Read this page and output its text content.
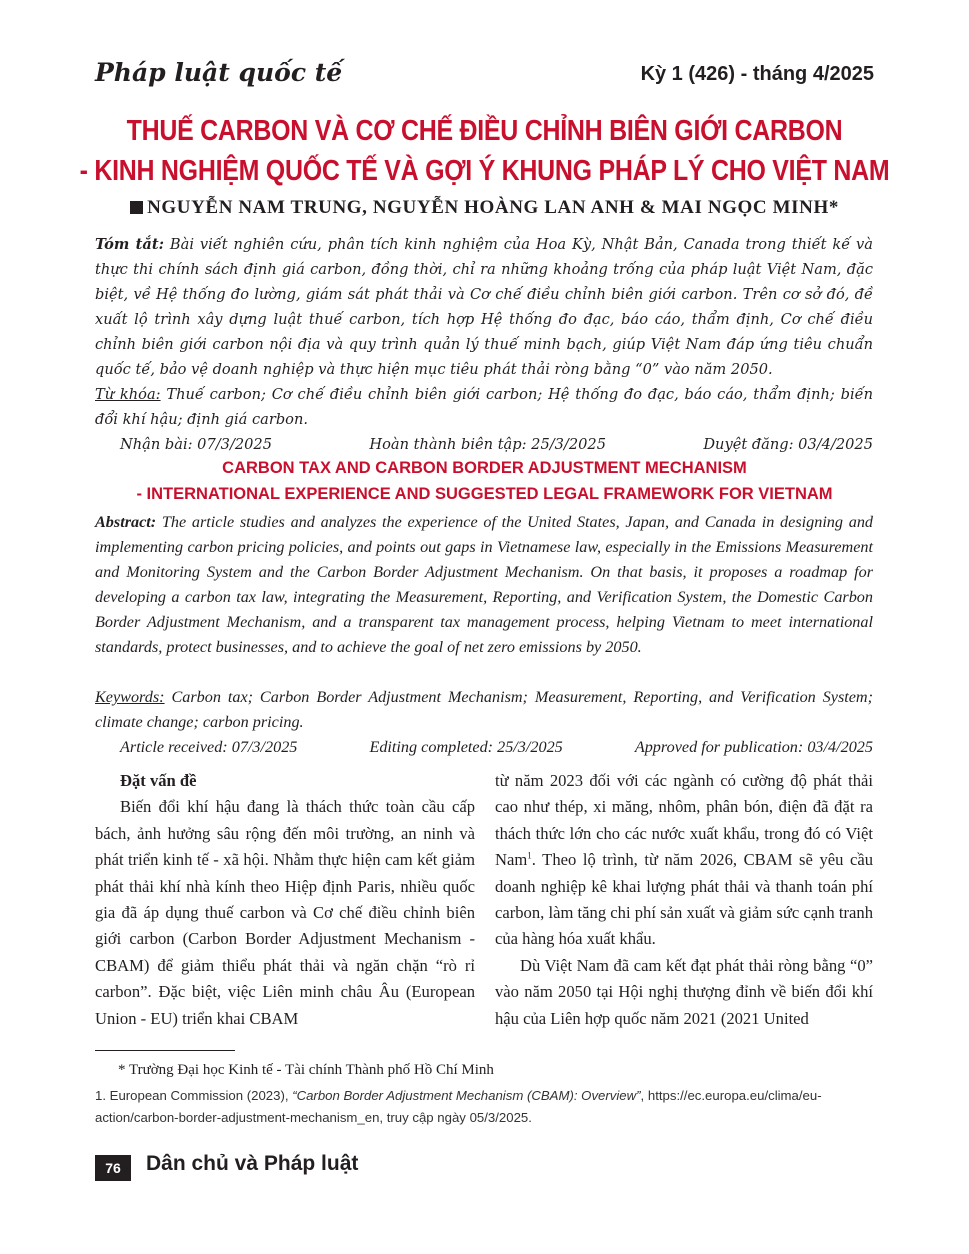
Pháp luật quốc tế	Kỳ 1 (426) - tháng 4/2025
THUẾ CARBON VÀ CƠ CHẾ ĐIỀU CHỈNH BIÊN GIỚI CARBON
- KINH NGHIỆM QUỐC TẾ VÀ GỢI Ý KHUNG PHÁP LÝ CHO VIỆT NAM
NGUYỄN NAM TRUNG, NGUYỄN HOÀNG LAN ANH & MAI NGỌC MINH*
Tóm tắt: Bài viết nghiên cứu, phân tích kinh nghiệm của Hoa Kỳ, Nhật Bản, Canada trong thiết kế và thực thi chính sách định giá carbon, đồng thời, chỉ ra những khoảng trống của pháp luật Việt Nam, đặc biệt, về Hệ thống đo lường, giám sát phát thải và Cơ chế điều chỉnh biên giới carbon. Trên cơ sở đó, đề xuất lộ trình xây dựng luật thuế carbon, tích hợp Hệ thống đo đạc, báo cáo, thẩm định, Cơ chế điều chỉnh biên giới carbon nội địa và quy trình quản lý thuế minh bạch, giúp Việt Nam đáp ứng tiêu chuẩn quốc tế, bảo vệ doanh nghiệp và thực hiện mục tiêu phát thải ròng bằng “0” vào năm 2050.
Từ khóa: Thuế carbon; Cơ chế điều chỉnh biên giới carbon; Hệ thống đo đạc, báo cáo, thẩm định; biến đổi khí hậu; định giá carbon.
Nhận bài: 07/3/2025	Hoàn thành biên tập: 25/3/2025	Duyệt đăng: 03/4/2025
CARBON TAX AND CARBON BORDER ADJUSTMENT MECHANISM
- INTERNATIONAL EXPERIENCE AND SUGGESTED LEGAL FRAMEWORK FOR VIETNAM
Abstract: The article studies and analyzes the experience of the United States, Japan, and Canada in designing and implementing carbon pricing policies, and points out gaps in Vietnamese law, especially in the Emissions Measurement and Monitoring System and the Carbon Border Adjustment Mechanism. On that basis, it proposes a roadmap for developing a carbon tax law, integrating the Measurement, Reporting, and Verification System, the Domestic Carbon Border Adjustment Mechanism, and a transparent tax management process, helping Vietnam to meet international standards, protect businesses, and to achieve the goal of net zero emissions by 2050.
Keywords: Carbon tax; Carbon Border Adjustment Mechanism; Measurement, Reporting, and Verification System; climate change; carbon pricing.
Article received: 07/3/2025	Editing completed: 25/3/2025	Approved for publication: 03/4/2025
Đặt vấn đề

Biến đổi khí hậu đang là thách thức toàn cầu cấp bách, ảnh hưởng sâu rộng đến môi trường, an ninh và phát triển kinh tế - xã hội. Nhằm thực hiện cam kết giảm phát thải khí nhà kính theo Hiệp định Paris, nhiều quốc gia đã áp dụng thuế carbon và Cơ chế điều chỉnh biên giới carbon (Carbon Border Adjustment Mechanism - CBAM) để giảm thiểu phát thải và ngăn chặn “rò rỉ carbon”. Đặc biệt, việc Liên minh châu Âu (European Union - EU) triển khai CBAM

từ năm 2023 đối với các ngành có cường độ phát thải cao như thép, xi măng, nhôm, phân bón, điện đã đặt ra thách thức lớn cho các nước xuất khẩu, trong đó có Việt Nam$^1$. Theo lộ trình, từ năm 2026, CBAM sẽ yêu cầu doanh nghiệp kê khai lượng phát thải và thanh toán phí carbon, làm tăng chi phí sản xuất và giảm sức cạnh tranh của hàng hóa xuất khẩu.

Dù Việt Nam đã cam kết đạt phát thải ròng bằng “0” vào năm 2050 tại Hội nghị thượng đỉnh về biến đổi khí hậu của Liên hợp quốc năm 2021 (2021 United

* Trường Đại học Kinh tế - Tài chính Thành phố Hồ Chí Minh
1. European Commission (2023), “Carbon Border Adjustment Mechanism (CBAM): Overview”, https://ec.europa.eu/clima/eu-action/carbon-border-adjustment-mechanism_en, truy cập ngày 05/3/2025.
76	Dân chủ và Pháp luật
